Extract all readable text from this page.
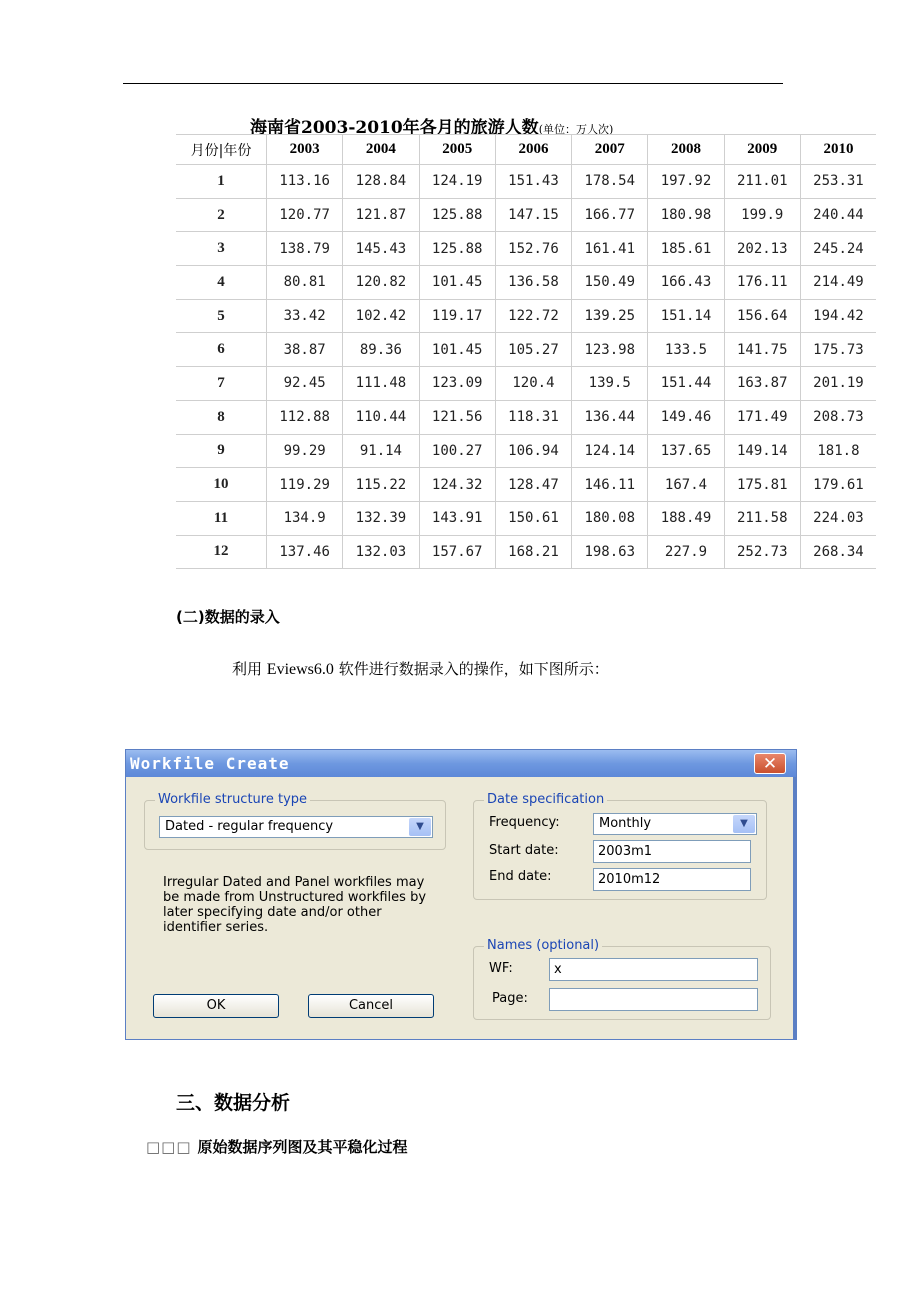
海南省2003-2010年各月的旅游人数(单位：万人次)
月份|年份	2003	2004	2005	2006	2007	2008	2009	2010
1	113.16	128.84	124.19	151.43	178.54	197.92	211.01	253.31
2	120.77	121.87	125.88	147.15	166.77	180.98	199.9	240.44
3	138.79	145.43	125.88	152.76	161.41	185.61	202.13	245.24
4	80.81	120.82	101.45	136.58	150.49	166.43	176.11	214.49
5	33.42	102.42	119.17	122.72	139.25	151.14	156.64	194.42
6	38.87	89.36	101.45	105.27	123.98	133.5	141.75	175.73
7	92.45	111.48	123.09	120.4	139.5	151.44	163.87	201.19
8	112.88	110.44	121.56	118.31	136.44	149.46	171.49	208.73
9	99.29	91.14	100.27	106.94	124.14	137.65	149.14	181.8
10	119.29	115.22	124.32	128.47	146.11	167.4	175.81	179.61
11	134.9	132.39	143.91	150.61	180.08	188.49	211.58	224.03
12	137.46	132.03	157.67	168.21	198.63	227.9	252.73	268.34
(二)数据的录入
利用 Eviews6.0 软件进行数据录入的操作，如下图所示：
Workfile Create	✕
Workfile structure type
Dated - regular frequency	▼
Irregular Dated and Panel workfiles may be made from Unstructured workfiles by later specifying date and/or other identifier series.
Date specification
Frequency:	Monthly	▼
Start date:	2003m1
End date:	2010m12
Names (optional)
WF:	x
Page:
OK	Cancel
三、数据分析
□□□ 原始数据序列图及其平稳化过程
